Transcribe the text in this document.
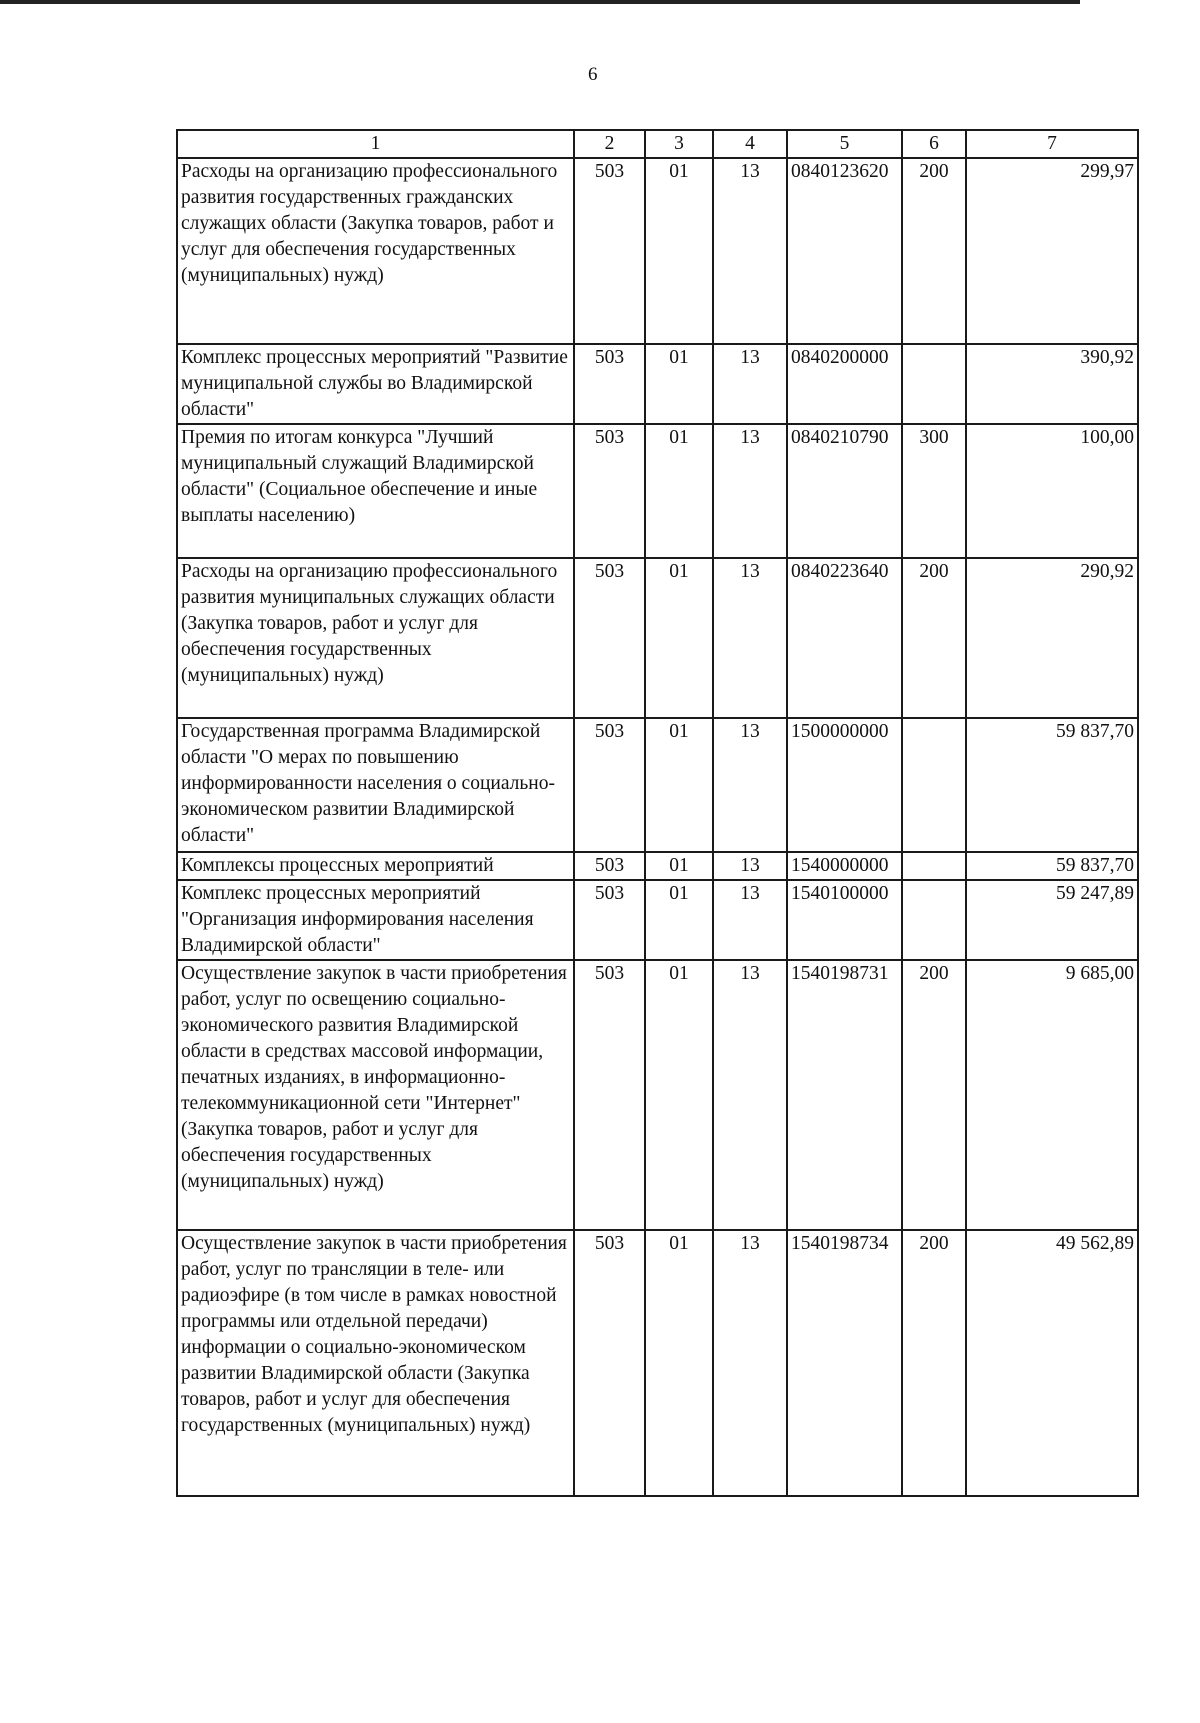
6
1	2	3	4	5	6	7
Расходы на организацию профессионального развития государственных гражданских служащих области (Закупка товаров, работ и услуг для обеспечения государственных (муниципальных) нужд)	503	01	13	0840123620	200	299,97
Комплекс процессных мероприятий "Развитие муниципальной службы во Владимирской области"	503	01	13	0840200000		390,92
Премия по итогам конкурса "Лучший муниципальный служащий Владимирской области" (Социальное обеспечение и иные выплаты населению)	503	01	13	0840210790	300	100,00
Расходы на организацию профессионального развития муниципальных служащих области (Закупка товаров, работ и услуг для обеспечения государственных (муниципальных) нужд)	503	01	13	0840223640	200	290,92
Государственная программа Владимирской области "О мерах по повышению информированности населения о социально-экономическом развитии Владимирской области"	503	01	13	1500000000		59 837,70
Комплексы процессных мероприятий	503	01	13	1540000000		59 837,70
Комплекс процессных мероприятий "Организация информирования населения Владимирской области"	503	01	13	1540100000		59 247,89
Осуществление закупок в части приобретения работ, услуг по освещению социально-экономического развития Владимирской области в средствах массовой информации, печатных изданиях, в информационно-телекоммуникационной сети "Интернет" (Закупка товаров, работ и услуг для обеспечения государственных (муниципальных) нужд)	503	01	13	1540198731	200	9 685,00
Осуществление закупок в части приобретения работ, услуг по трансляции в теле- или радиоэфире (в том числе в рамках новостной программы или отдельной передачи) информации о социально-экономическом развитии Владимирской области (Закупка товаров, работ и услуг для обеспечения государственных (муниципальных) нужд)	503	01	13	1540198734	200	49 562,89
